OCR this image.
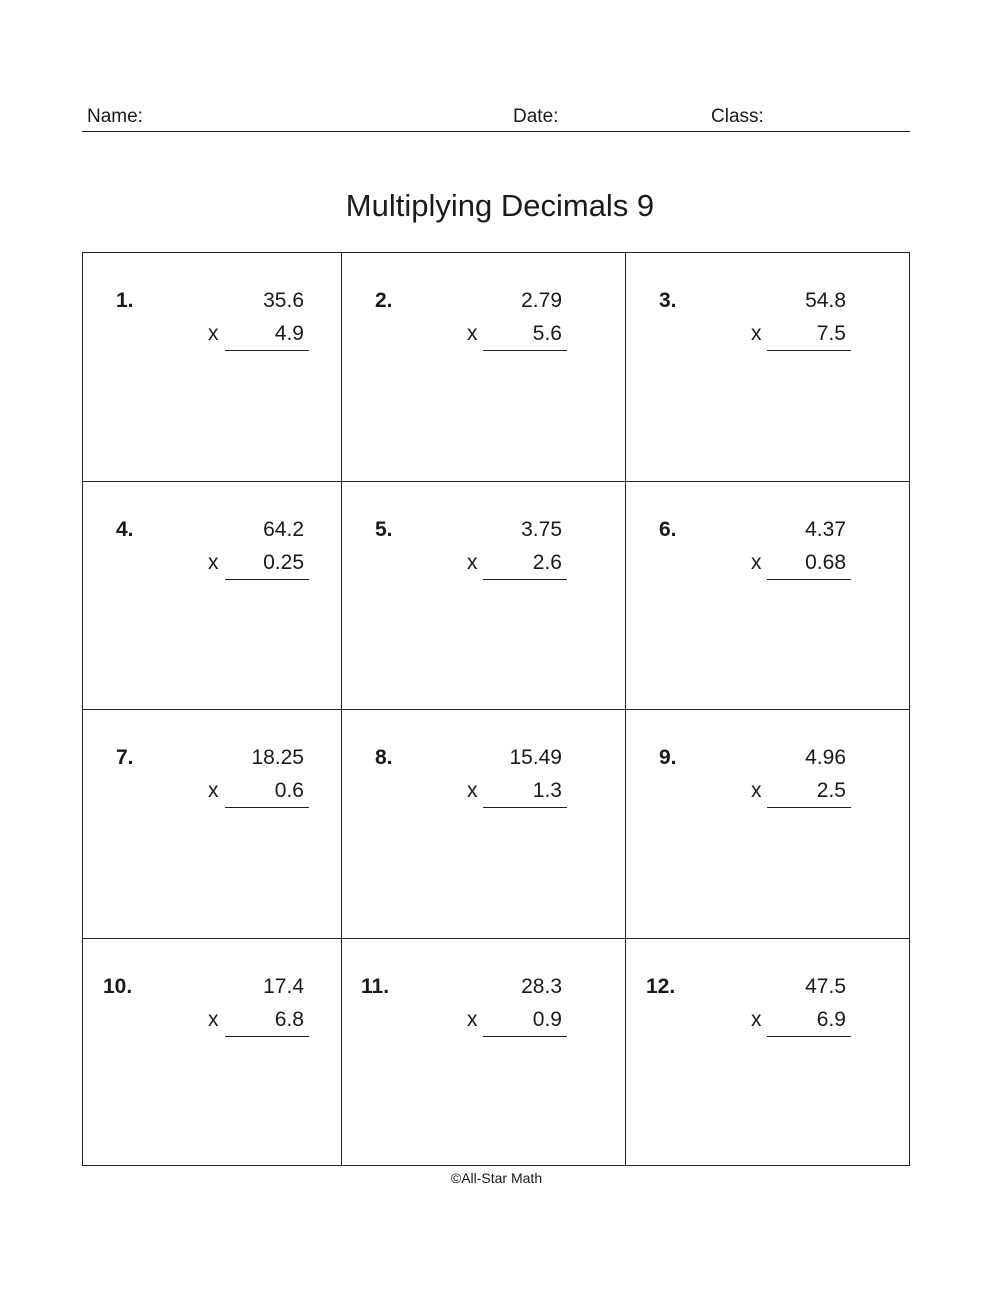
Name:	Date:	Class:
Multiplying Decimals 9
1.	35.6
x	4.9
2.	2.79
x	5.6
3.	54.8
x	7.5
4.	64.2
x	0.25
5.	3.75
x	2.6
6.	4.37
x	0.68
7.	18.25
x	0.6
8.	15.49
x	1.3
9.	4.96
x	2.5
10.	17.4
x	6.8
11.	28.3
x	0.9
12.	47.5
x	6.9
©All-Star Math
